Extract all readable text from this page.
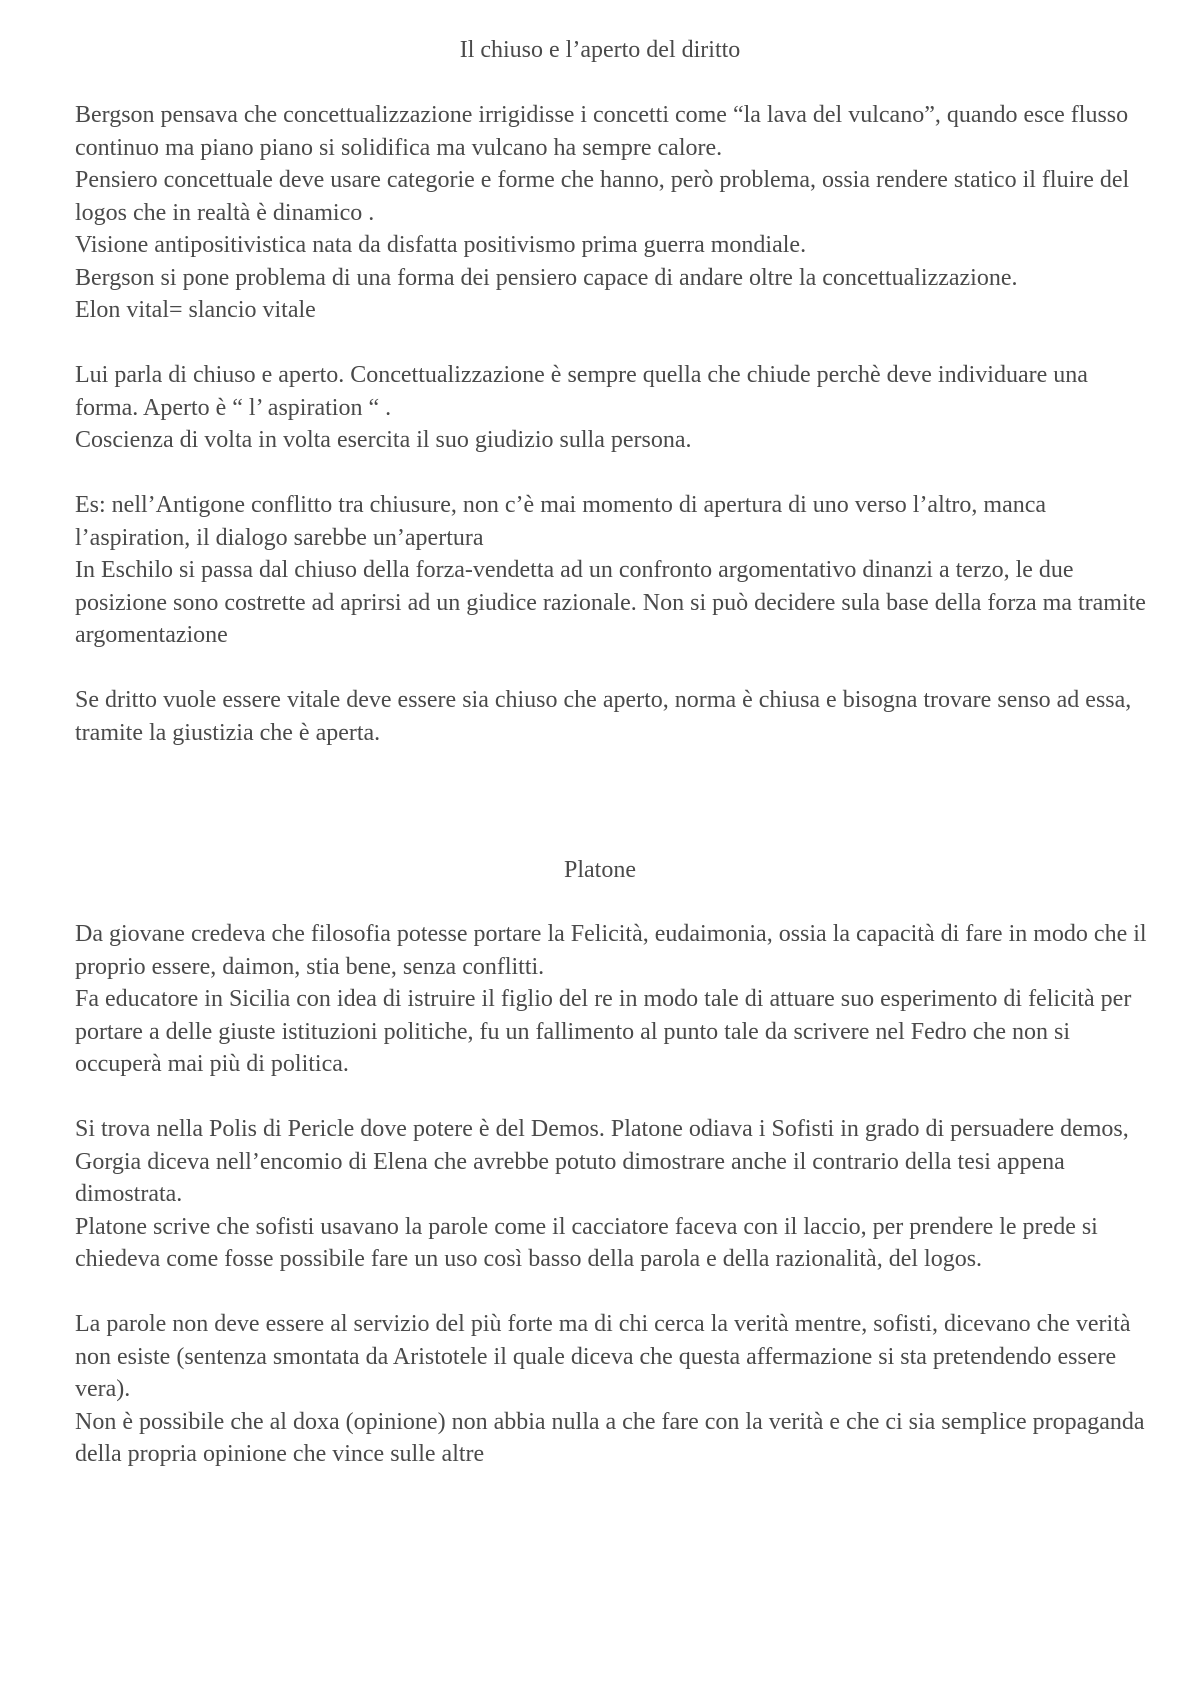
Il chiuso e l’aperto del diritto

Bergson pensava che concettualizzazione irrigidisse i concetti come “la lava del vulcano”, quando esce flusso continuo ma piano piano si solidifica ma vulcano ha sempre calore.

Pensiero concettuale deve usare categorie e forme che hanno, però problema, ossia rendere statico il fluire del logos che in realtà è dinamico .

Visione antipositivistica nata da disfatta positivismo prima guerra mondiale.

Bergson si pone problema di una forma dei pensiero capace di andare oltre la concettualizzazione.

Elon vital= slancio vitale

Lui parla di chiuso e aperto. Concettualizzazione è sempre quella che chiude perchè deve individuare una forma. Aperto è “ l’ aspiration “ .

Coscienza di volta in volta esercita il suo giudizio sulla persona.

Es: nell’Antigone conflitto tra chiusure, non c’è mai momento di apertura di uno verso l’altro, manca l’aspiration, il dialogo sarebbe un’apertura

In Eschilo si passa dal chiuso della forza-vendetta ad un confronto argomentativo dinanzi a terzo, le due posizione sono costrette ad aprirsi ad un giudice razionale. Non si può decidere sula base della forza ma tramite argomentazione

Se dritto vuole essere vitale deve essere sia chiuso che aperto, norma è chiusa e bisogna trovare senso ad essa, tramite la giustizia che è aperta.

Platone

Da giovane credeva che filosofia potesse portare la Felicità, eudaimonia, ossia la capacità di fare in modo che il proprio essere, daimon, stia bene, senza conflitti.

Fa educatore in Sicilia con idea di istruire il figlio del re in modo tale di attuare suo esperimento di felicità per portare a delle giuste istituzioni politiche, fu un fallimento al punto tale da scrivere nel Fedro che non si occuperà mai più di politica.

Si trova nella Polis di Pericle dove potere è del Demos. Platone odiava i Sofisti in grado di persuadere demos, Gorgia diceva nell’encomio di Elena che avrebbe potuto dimostrare anche il contrario della tesi appena dimostrata.

Platone scrive che sofisti usavano la parole come il cacciatore faceva con il laccio, per prendere le prede si chiedeva come fosse possibile fare un uso così basso della parola e della razionalità, del logos.

La parole non deve essere al servizio del più forte ma di chi cerca la verità mentre, sofisti, dicevano che verità non esiste (sentenza smontata da Aristotele il quale diceva che questa affermazione si sta pretendendo essere vera).

Non è possibile che al doxa (opinione) non abbia nulla a che fare con la verità e che ci sia semplice propaganda della propria opinione che vince sulle altre
